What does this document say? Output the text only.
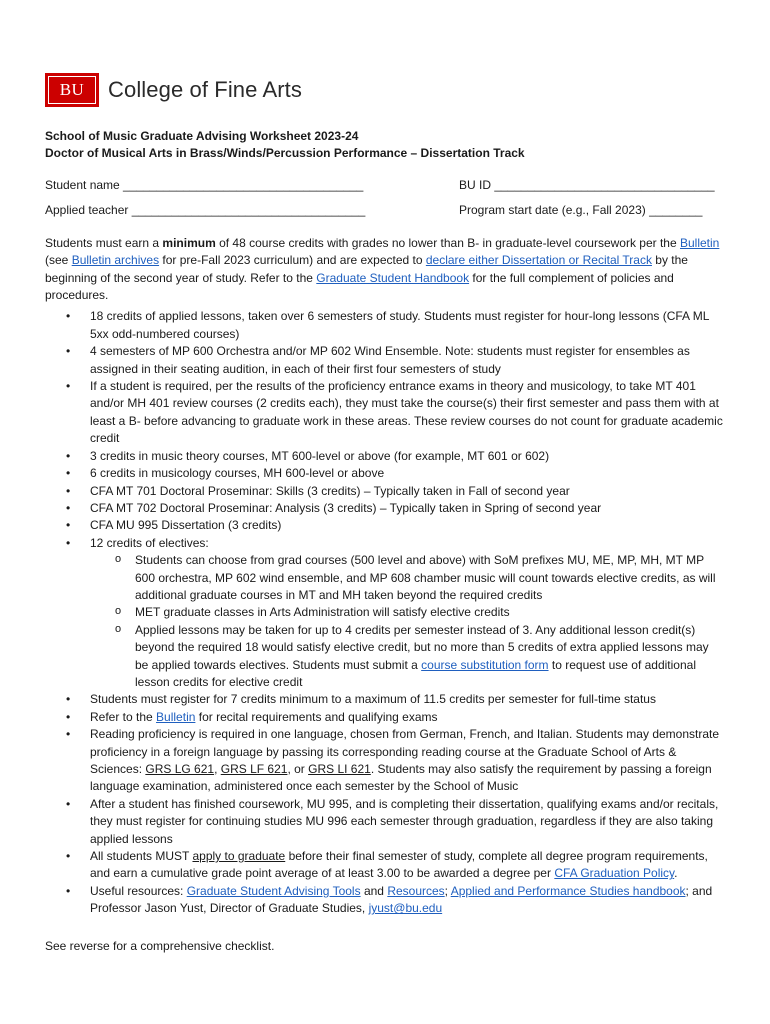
BU	College of Fine Arts

School of Music Graduate Advising Worksheet 2023-24

Doctor of Musical Arts in Brass/Winds/Percussion Performance – Dissertation Track

Student name ____________________________________	BU ID _________________________________
Applied teacher ___________________________________	Program start date (e.g., Fall 2023) ________
Students must earn a minimum of 48 course credits with grades no lower than B- in graduate-level coursework per the Bulletin (see Bulletin archives for pre-Fall 2023 curriculum) and are expected to declare either Dissertation or Recital Track by the beginning of the second year of study. Refer to the Graduate Student Handbook for the full complement of policies and procedures.
• 18 credits of applied lessons, taken over 6 semesters of study. Students must register for hour-long lessons (CFA ML 5xx odd-numbered courses)
• 4 semesters of MP 600 Orchestra and/or MP 602 Wind Ensemble. Note: students must register for ensembles as assigned in their seating audition, in each of their first four semesters of study
• If a student is required, per the results of the proficiency entrance exams in theory and musicology, to take MT 401 and/or MH 401 review courses (2 credits each), they must take the course(s) their first semester and pass them with at least a B- before advancing to graduate work in these areas. These review courses do not count for graduate academic credit
• 3 credits in music theory courses, MT 600-level or above (for example, MT 601 or 602)
• 6 credits in musicology courses, MH 600-level or above
• CFA MT 701 Doctoral Proseminar: Skills (3 credits) – Typically taken in Fall of second year
• CFA MT 702 Doctoral Proseminar: Analysis (3 credits) – Typically taken in Spring of second year
• CFA MU 995 Dissertation (3 credits)
• 12 credits of electives:
o Students can choose from grad courses (500 level and above) with SoM prefixes MU, ME, MP, MH, MT MP 600 orchestra, MP 602 wind ensemble, and MP 608 chamber music will count towards elective credits, as will additional graduate courses in MT and MH taken beyond the required credits
o MET graduate classes in Arts Administration will satisfy elective credits
o Applied lessons may be taken for up to 4 credits per semester instead of 3. Any additional lesson credit(s) beyond the required 18 would satisfy elective credit, but no more than 5 credits of extra applied lessons may be applied towards electives. Students must submit a course substitution form to request use of additional lesson credits for elective credit
• Students must register for 7 credits minimum to a maximum of 11.5 credits per semester for full-time status
• Refer to the Bulletin for recital requirements and qualifying exams
• Reading proficiency is required in one language, chosen from German, French, and Italian. Students may demonstrate proficiency in a foreign language by passing its corresponding reading course at the Graduate School of Arts & Sciences: GRS LG 621, GRS LF 621, or GRS LI 621. Students may also satisfy the requirement by passing a foreign language examination, administered once each semester by the School of Music
• After a student has finished coursework, MU 995, and is completing their dissertation, qualifying exams and/or recitals, they must register for continuing studies MU 996 each semester through graduation, regardless if they are also taking applied lessons
• All students MUST apply to graduate before their final semester of study, complete all degree program requirements, and earn a cumulative grade point average of at least 3.00 to be awarded a degree per CFA Graduation Policy.
• Useful resources: Graduate Student Advising Tools and Resources; Applied and Performance Studies handbook; and Professor Jason Yust, Director of Graduate Studies, jyust@bu.edu
See reverse for a comprehensive checklist.
